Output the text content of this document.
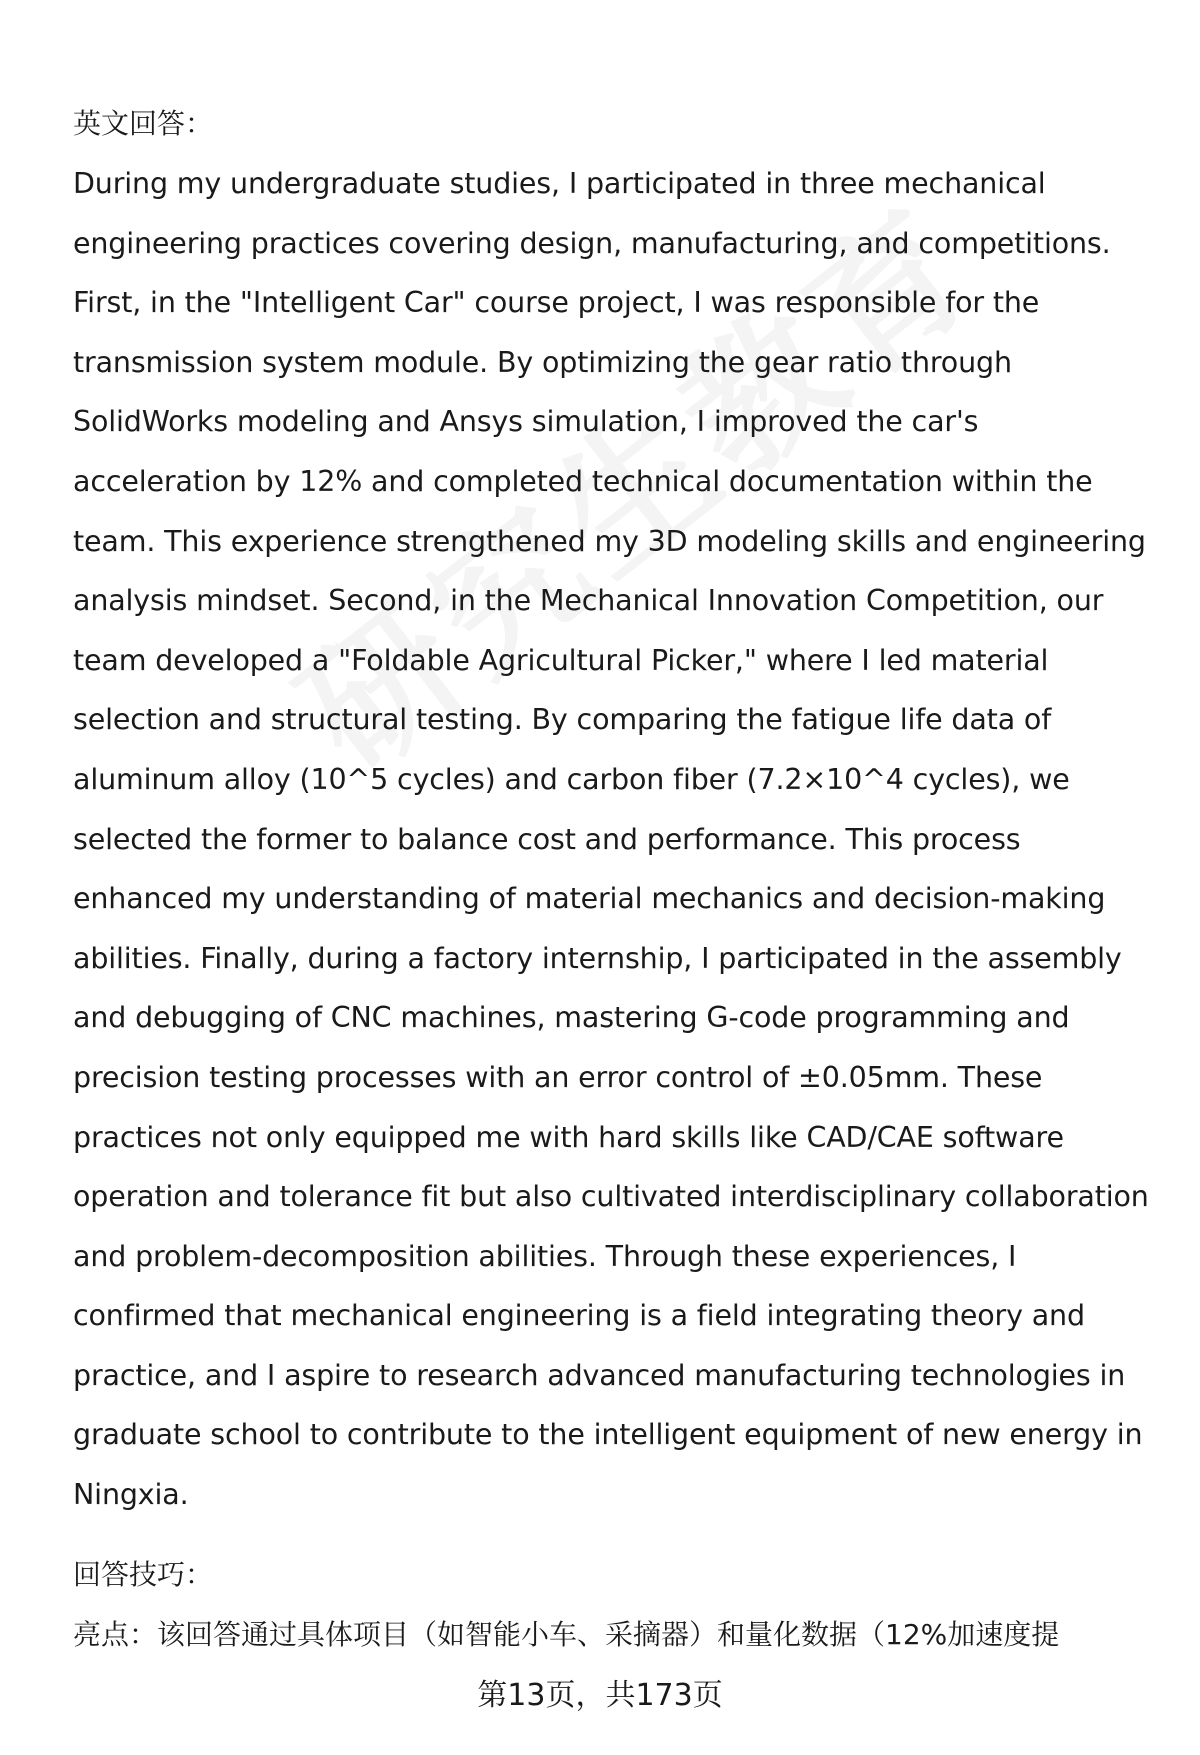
英文回答：

During my undergraduate studies, I participated in three mechanical
engineering practices covering design, manufacturing, and competitions.
First, in the "Intelligent Car" course project, I was responsible for the
transmission system module. By optimizing the gear ratio through
SolidWorks modeling and Ansys simulation, I improved the car's
acceleration by 12% and completed technical documentation within the
team. This experience strengthened my 3D modeling skills and engineering
analysis mindset. Second, in the Mechanical Innovation Competition, our
team developed a "Foldable Agricultural Picker," where I led material
selection and structural testing. By comparing the fatigue life data of
aluminum alloy (10^5 cycles) and carbon fiber (7.2×10^4 cycles), we
selected the former to balance cost and performance. This process
enhanced my understanding of material mechanics and decision-making
abilities. Finally, during a factory internship, I participated in the assembly
and debugging of CNC machines, mastering G-code programming and
precision testing processes with an error control of ±0.05mm. These
practices not only equipped me with hard skills like CAD/CAE software
operation and tolerance fit but also cultivated interdisciplinary collaboration
and problem-decomposition abilities. Through these experiences, I
confirmed that mechanical engineering is a field integrating theory and
practice, and I aspire to research advanced manufacturing technologies in
graduate school to contribute to the intelligent equipment of new energy in
Ningxia.

回答技巧：

亮点：该回答通过具体项目（如智能小车、采摘器）和量化数据（12%加速度提

第13页，共173页
